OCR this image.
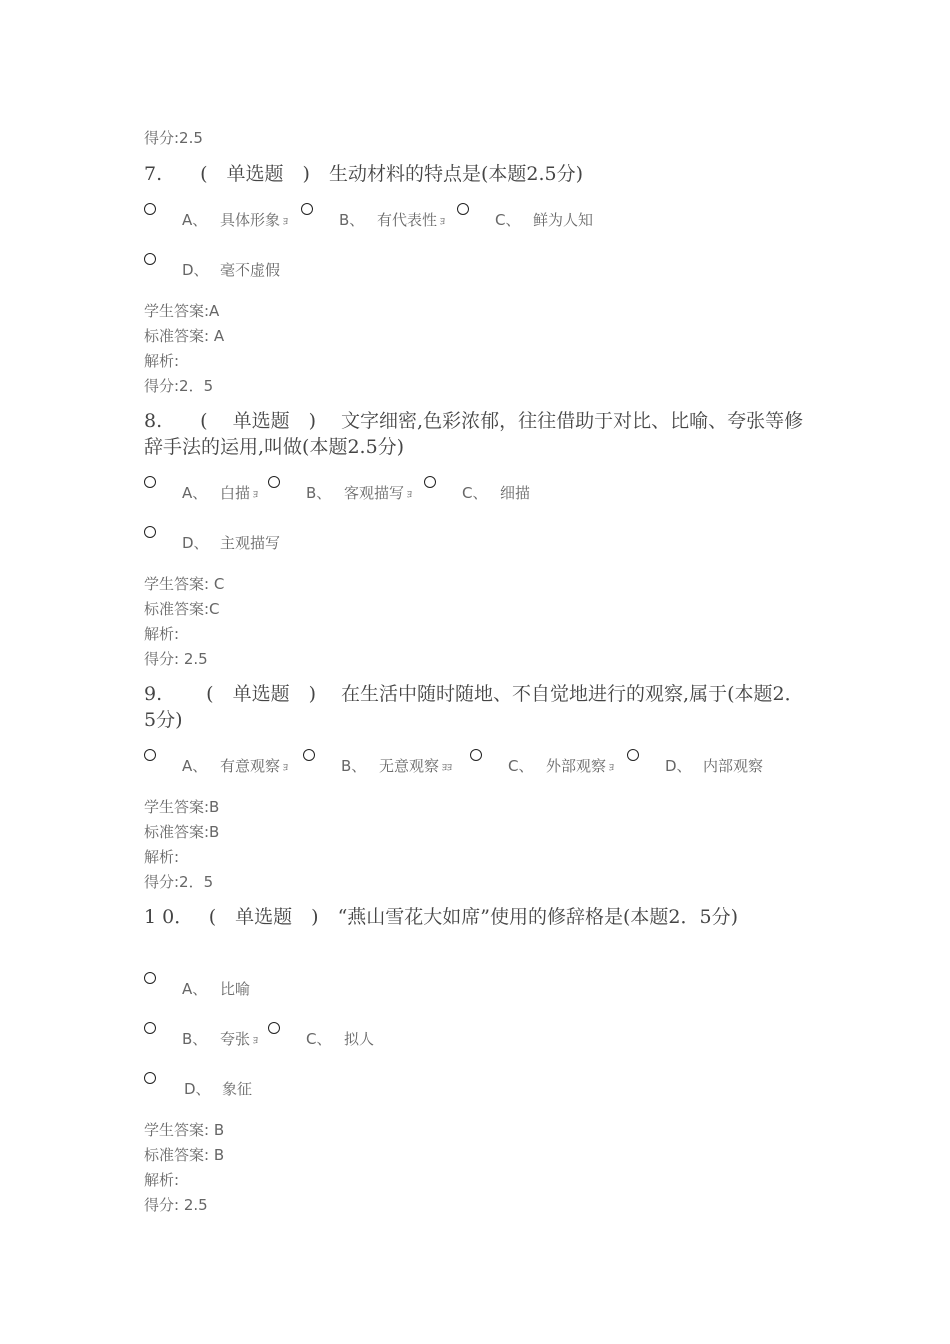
得分:2.5
7.　　(　单选题　)　生动材料的特点是(本题2.5分)
A、 具体形象 ﾖ	B、 有代表性 ﾖ	C、 鲜为人知
D、 毫不虚假
学生答案:A
标准答案: A
解析:
得分:2．5
8.　　(　 单选题　)　 文字细密,色彩浓郁，往往借助于对比、比喻、夸张等修辞手法的运用,叫做(本题2.5分)
A、 白描 ﾖ	B、 客观描写 ﾖ	C、 细描
D、 主观描写
学生答案: C
标准答案:C
解析:
得分: 2.5
9.　　 (　单选题　)　 在生活中随时随地、不自觉地进行的观察,属于(本题2．5分)
A、 有意观察 ﾖ	B、 无意观察 ﾖﾖ	C、 外部观察 ﾖ	D、 内部观察
学生答案:B
标准答案:B
解析:
得分:2．5
1 0．　 (　单选题　)　“燕山雪花大如席”使用的修辞格是(本题2．5分)
A、 比喻
B、 夸张 ﾖ	C、 拟人
D、 象征
学生答案: B
标准答案: B
解析:
得分: 2.5
